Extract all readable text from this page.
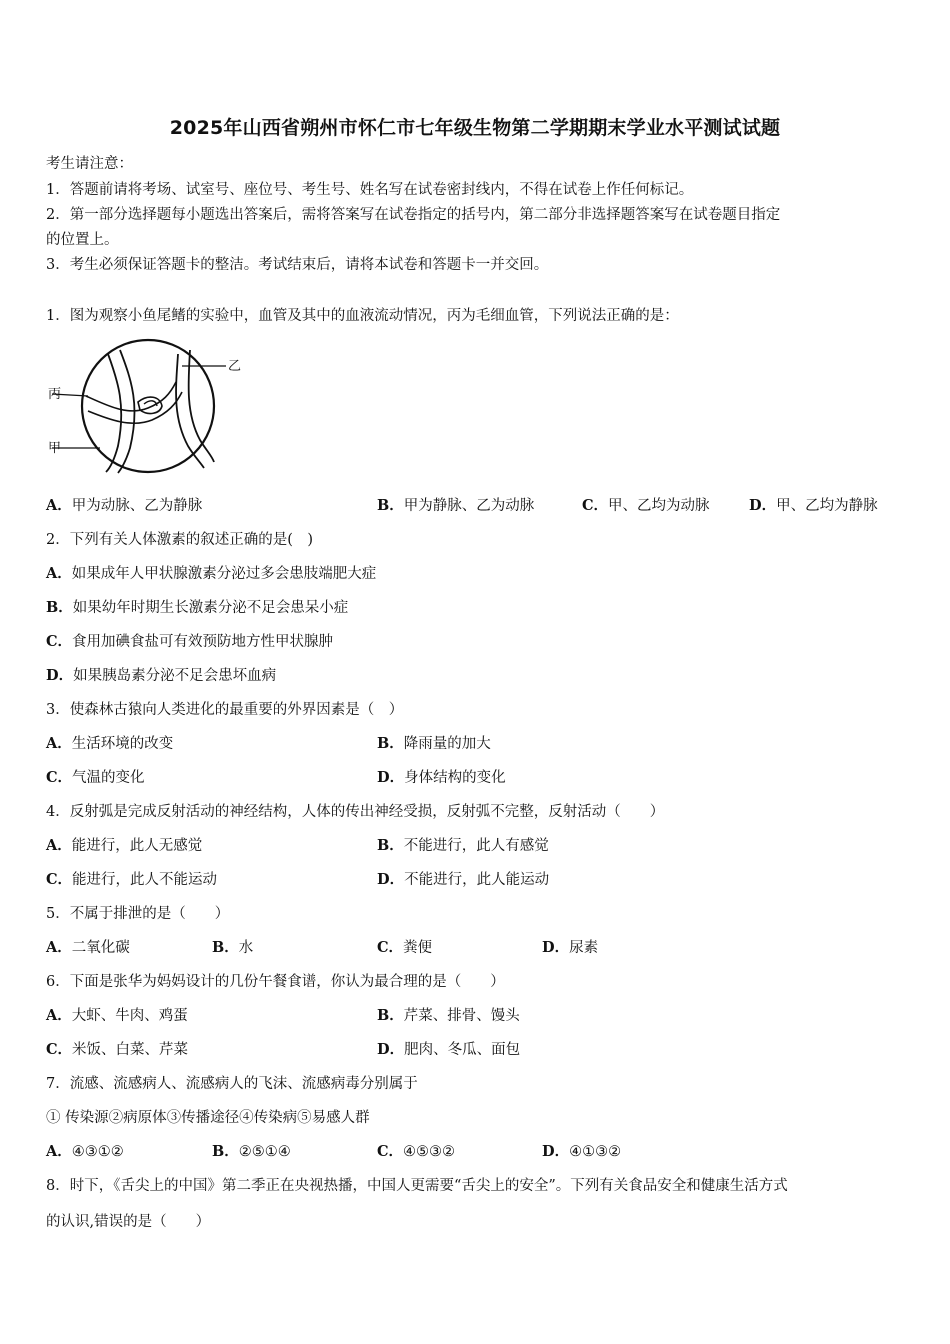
2025年山西省朔州市怀仁市七年级生物第二学期期末学业水平测试试题
考生请注意：
1．答题前请将考场、试室号、座位号、考生号、姓名写在试卷密封线内，不得在试卷上作任何标记。
2．第一部分选择题每小题选出答案后，需将答案写在试卷指定的括号内，第二部分非选择题答案写在试卷题目指定
的位置上。
3．考生必须保证答题卡的整洁。考试结束后，请将本试卷和答题卡一并交回。
1．图为观察小鱼尾鳍的实验中，血管及其中的血液流动情况，丙为毛细血管，下列说法正确的是：
丙
乙
甲
A．甲为动脉、乙为静脉	B．甲为静脉、乙为动脉	C．甲、乙均为动脉	D．甲、乙均为静脉
2．下列有关人体激素的叙述正确的是(　)
A．如果成年人甲状腺激素分泌过多会患肢端肥大症
B．如果幼年时期生长激素分泌不足会患呆小症
C．食用加碘食盐可有效预防地方性甲状腺肿
D．如果胰岛素分泌不足会患坏血病
3．使森林古猿向人类进化的最重要的外界因素是（　）
A．生活环境的改变	B．降雨量的加大
C．气温的变化	D．身体结构的变化
4．反射弧是完成反射活动的神经结构，人体的传出神经受损，反射弧不完整，反射活动（　　）
A．能进行，此人无感觉	B．不能进行，此人有感觉
C．能进行，此人不能运动	D．不能进行，此人能运动
5．不属于排泄的是（　　）
A．二氧化碳	B．水	C．粪便	D．尿素
6．下面是张华为妈妈设计的几份午餐食谱，你认为最合理的是（　　）
A．大虾、牛肉、鸡蛋	B．芹菜、排骨、馒头
C．米饭、白菜、芹菜	D．肥肉、冬瓜、面包
7．流感、流感病人、流感病人的飞沫、流感病毒分别属于
① 传染源②病原体③传播途径④传染病⑤易感人群
A．④③①②	B．②⑤①④	C．④⑤③②	D．④①③②
8．时下，《舌尖上的中国》第二季正在央视热播，中国人更需要“舌尖上的安全”。下列有关食品安全和健康生活方式
的认识,错误的是（　　）
